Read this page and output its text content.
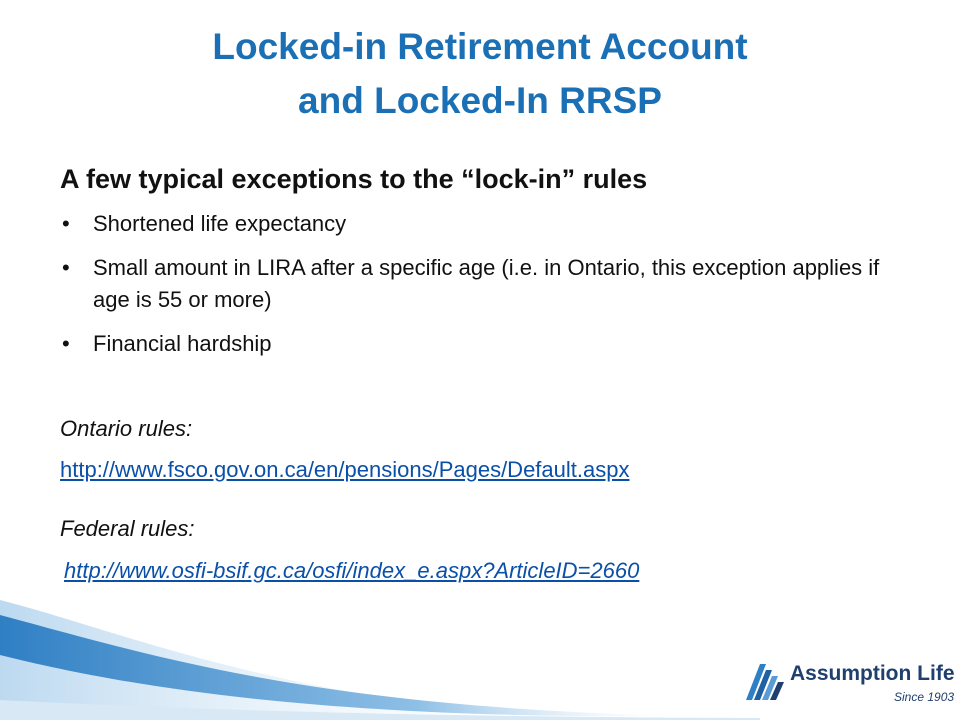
Locked-in Retirement Account
and Locked-In RRSP
A few typical exceptions to the “lock-in” rules
• Shortened life expectancy
• Small amount in LIRA after a specific age (i.e. in Ontario, this exception applies if age is 55 or more)
• Financial hardship
Ontario rules:
http://www.fsco.gov.on.ca/en/pensions/Pages/Default.aspx
Federal rules:
http://www.osfi-bsif.gc.ca/osfi/index_e.aspx?ArticleID=2660
Assumption Life
Since 1903
